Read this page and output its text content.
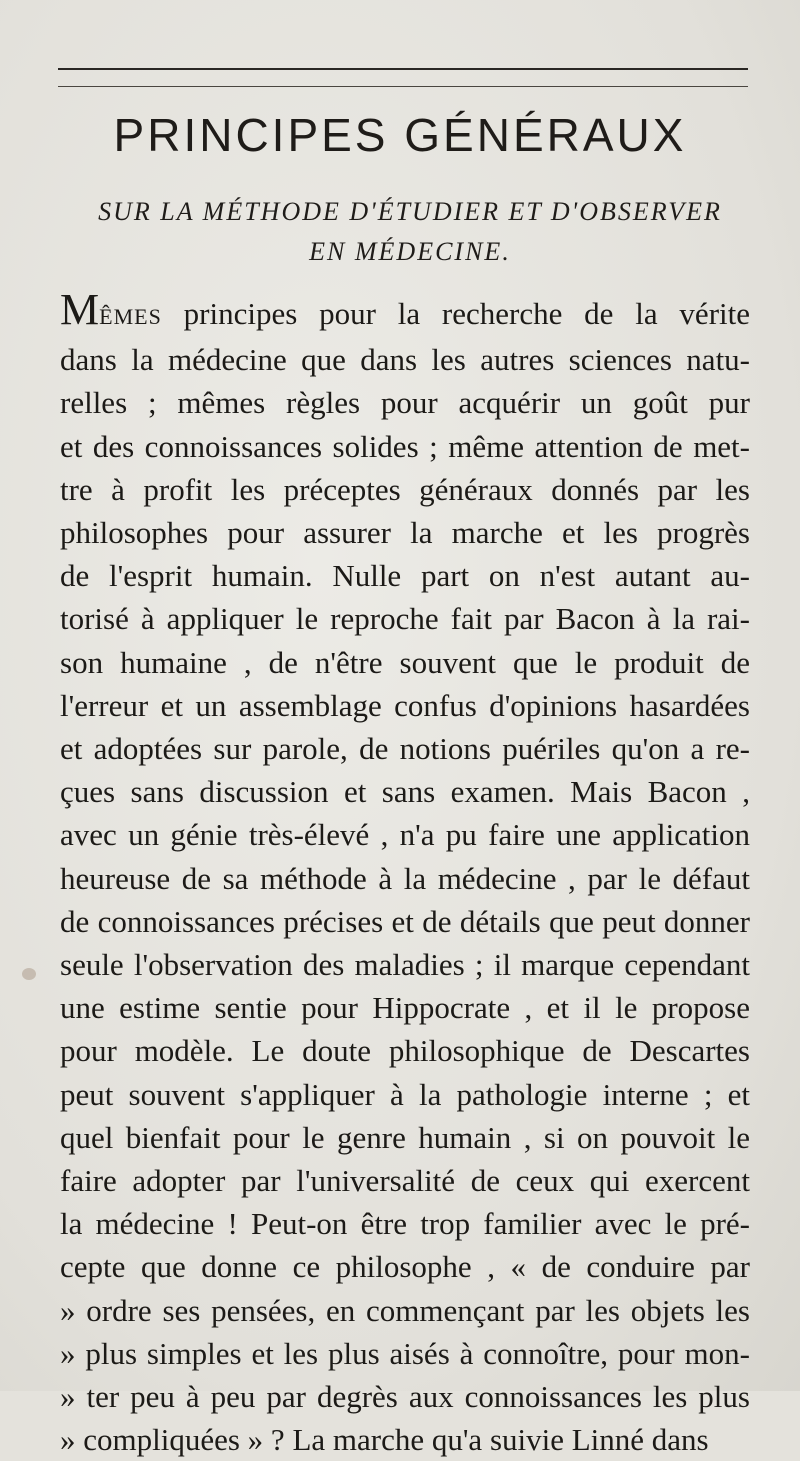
PRINCIPES GÉNÉRAUX
SUR LA MÉTHODE D'ÉTUDIER ET D'OBSERVER
EN MÉDECINE.
MÊMES principes pour la recherche de la vérite
dans la médecine que dans les autres sciences natu-
relles ; mêmes règles pour acquérir un goût pur
et des connoissances solides ; même attention de met-
tre à profit les préceptes généraux donnés par les
philosophes pour assurer la marche et les progrès
de l'esprit humain. Nulle part on n'est autant au-
torisé à appliquer le reproche fait par Bacon à la rai-
son humaine , de n'être souvent que le produit de
l'erreur et un assemblage confus d'opinions hasardées
et adoptées sur parole, de notions puériles qu'on a re-
çues sans discussion et sans examen. Mais Bacon ,
avec un génie très-élevé , n'a pu faire une application
heureuse de sa méthode à la médecine , par le défaut
de connoissances précises et de détails que peut donner
seule l'observation des maladies ; il marque cependant
une estime sentie pour Hippocrate , et il le propose
pour modèle. Le doute philosophique de Descartes
peut souvent s'appliquer à la pathologie interne ; et
quel bienfait pour le genre humain , si on pouvoit le
faire adopter par l'universalité de ceux qui exercent
la médecine ! Peut-on être trop familier avec le pré-
cepte que donne ce philosophe , « de conduire par
» ordre ses pensées, en commençant par les objets les
» plus simples et les plus aisés à connoître, pour mon-
» ter peu à peu par degrès aux connoissances les plus
» compliquées » ? La marche qu'a suivie Linné dans
